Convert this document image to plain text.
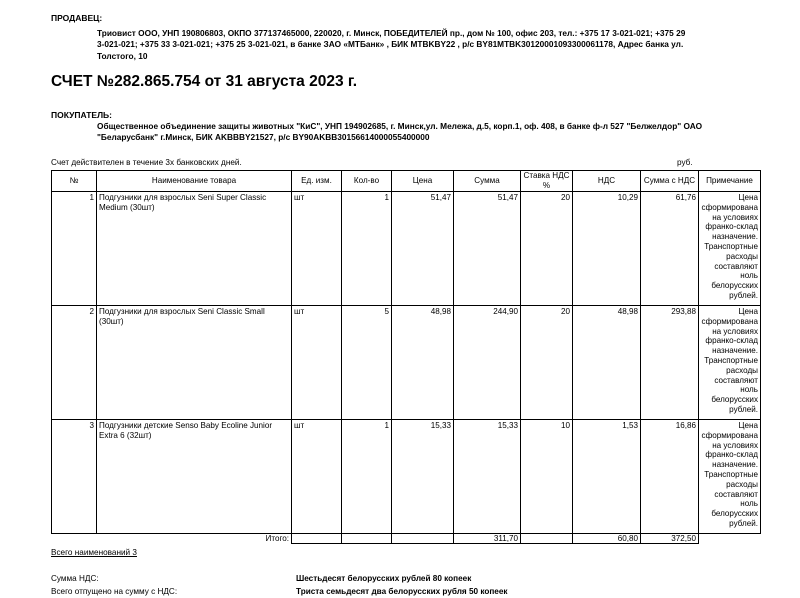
ПРОДАВЕЦ:
Триовист ООО, УНП 190806803, ОКПО 377137465000, 220020, г. Минск, ПОБЕДИТЕЛЕЙ пр., дом № 100, офис 203, тел.: +375 17 3-021-021; +375 29
3-021-021; +375 33 3-021-021; +375 25 3-021-021, в банке ЗАО «МТБанк» , БИК MTBKBY22 , р/с BY81MTBK30120001093300061178, Адрес банка ул.
Толстого, 10
СЧЕТ №282.865.754 от 31 августа 2023 г.
ПОКУПАТЕЛЬ:
Общественное объединение защиты животных "КиС", УНП 194902685, г. Минск,ул. Мележа, д.5, корп.1, оф. 408, в банке ф-л 527 "Белжелдор" ОАО
"Беларусбанк" г.Минск, БИК AKBBBY21527, р/с BY90AKBB30156614000055400000
Счет действителен в течение 3х банковских дней.	руб.
№	Наименование товара	Ед. изм.	Кол-во	Цена	Сумма	Ставка НДС %	НДС	Сумма с НДС	Примечание
1	Подгузники для взрослых Seni Super Classic Medium (30шт)	шт	1	51,47	51,47	20	10,29	61,76	Цена сформирована на условиях франко-склад назначение. Транспортные расходы составляют ноль белорусских рублей.
2	Подгузники для взрослых Seni Classic Small (30шт)	шт	5	48,98	244,90	20	48,98	293,88	Цена сформирована на условиях франко-склад назначение. Транспортные расходы составляют ноль белорусских рублей.
3	Подгузники детские Senso Baby Ecoline Junior Extra 6 (32шт)	шт	1	15,33	15,33	10	1,53	16,86	Цена сформирована на условиях франко-склад назначение. Транспортные расходы составляют ноль белорусских рублей.
	Итого:				311,70		60,80	372,50	
Всего наименований 3
Сумма НДС:	Шестьдесят белорусских рублей 80 копеек
Всего отпущено на сумму с НДС:	Триста семьдесят два белорусских рубля 50 копеек
